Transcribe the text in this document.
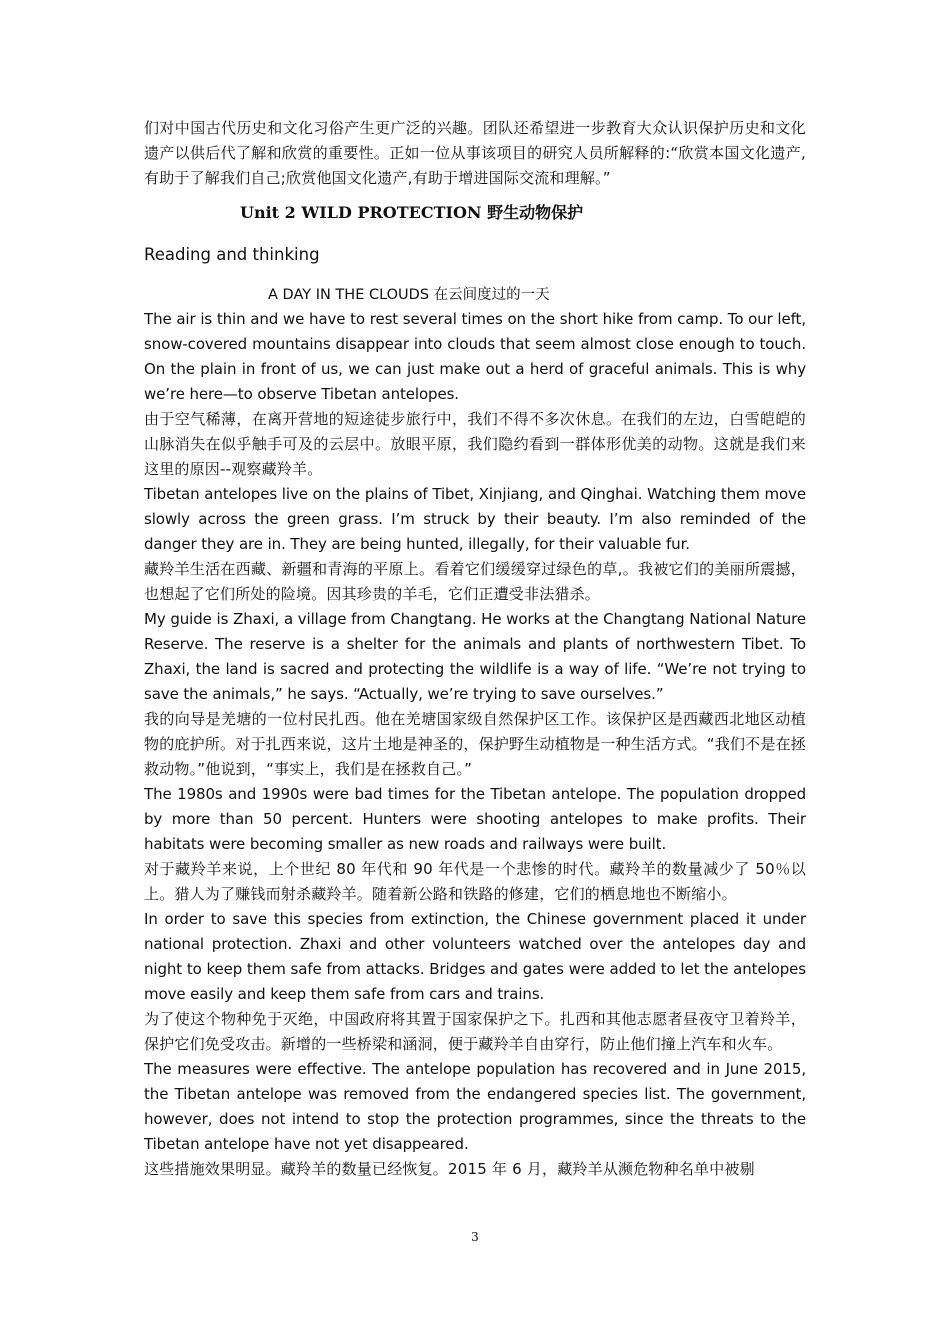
们对中国古代历史和文化习俗产生更广泛的兴趣。团队还希望进一步教育大众认识保护历史和文化遗产以供后代了解和欣赏的重要性。正如一位从事该项目的研究人员所解释的:“欣赏本国文化遗产,有助于了解我们自己;欣赏他国文化遗产,有助于增进国际交流和理解。”

Unit 2 WILD PROTECTION 野生动物保护
Reading and thinking
A DAY IN THE CLOUDS 在云间度过的一天

The air is thin and we have to rest several times on the short hike from camp. To our left, snow-covered mountains disappear into clouds that seem almost close enough to touch. On the plain in front of us, we can just make out a herd of graceful animals. This is why we’re here—to observe Tibetan antelopes.

由于空气稀薄，在离开营地的短途徒步旅行中，我们不得不多次休息。在我们的左边，白雪皑皑的山脉消失在似乎触手可及的云层中。放眼平原，我们隐约看到一群体形优美的动物。这就是我们来这里的原因--观察藏羚羊。

Tibetan antelopes live on the plains of Tibet, Xinjiang, and Qinghai. Watching them move slowly across the green grass. I’m struck by their beauty. I’m also reminded of the danger they are in. They are being hunted, illegally, for their valuable fur.

藏羚羊生活在西藏、新疆和青海的平原上。看着它们缓缓穿过绿色的草,。我被它们的美丽所震撼，也想起了它们所处的险境。因其珍贵的羊毛，它们正遭受非法猎杀。

My guide is Zhaxi, a village from Changtang. He works at the Changtang National Nature Reserve. The reserve is a shelter for the animals and plants of northwestern Tibet. To Zhaxi, the land is sacred and protecting the wildlife is a way of life. “We’re not trying to save the animals,” he says. “Actually, we’re trying to save ourselves.”

我的向导是羌塘的一位村民扎西。他在羌塘国家级自然保护区工作。该保护区是西藏西北地区动植物的庇护所。对于扎西来说，这片土地是神圣的，保护野生动植物是一种生活方式。“我们不是在拯救动物。”他说到，“事实上，我们是在拯救自己。”

The 1980s and 1990s were bad times for the Tibetan antelope. The population dropped by more than 50 percent. Hunters were shooting antelopes to make profits. Their habitats were becoming smaller as new roads and railways were built.

对于藏羚羊来说，上个世纪 80 年代和 90 年代是一个悲惨的时代。藏羚羊的数量减少了 50％以上。猎人为了赚钱而射杀藏羚羊。随着新公路和铁路的修建，它们的栖息地也不断缩小。

In order to save this species from extinction, the Chinese government placed it under national protection. Zhaxi and other volunteers watched over the antelopes day and night to keep them safe from attacks. Bridges and gates were added to let the antelopes move easily and keep them safe from cars and trains.

为了使这个物种免于灭绝，中国政府将其置于国家保护之下。扎西和其他志愿者昼夜守卫着羚羊，保护它们免受攻击。新增的一些桥梁和涵洞，便于藏羚羊自由穿行，防止他们撞上汽车和火车。

The measures were effective. The antelope population has recovered and in June 2015, the Tibetan antelope was removed from the endangered species list. The government, however, does not intend to stop the protection programmes, since the threats to the Tibetan antelope have not yet disappeared.

这些措施效果明显。藏羚羊的数量已经恢复。2015 年 6 月，藏羚羊从濒危物种名单中被剔

3
